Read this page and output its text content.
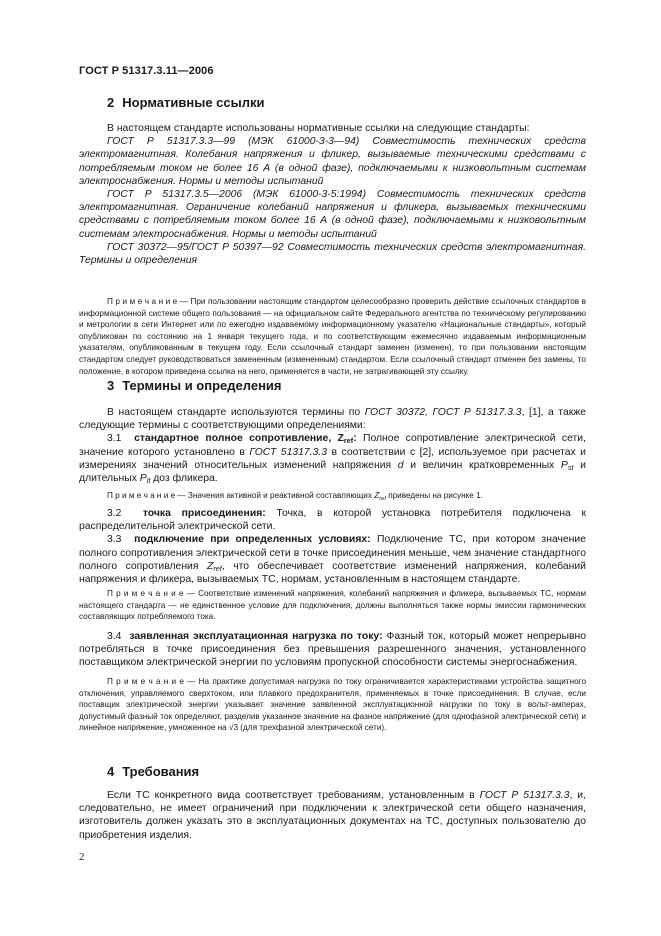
ГОСТ Р 51317.3.11—2006
2 Нормативные ссылки

В настоящем стандарте использованы нормативные ссылки на следующие стандарты:

ГОСТ Р 51317.3.3—99 (МЭК 61000-3-3—94) Совместимость технических средств электромагнитная. Колебания напряжения и фликер, вызываемые техническими средствами с потребляемым током не более 16 А (в одной фазе), подключаемыми к низковольтным системам электроснабжения. Нормы и методы испытаний

ГОСТ Р 51317.3.5—2006 (МЭК 61000-3-5:1994) Совместимость технических средств электромагнитная. Ограничение колебаний напряжения и фликера, вызываемых техническими средствами с потребляемым током более 16 А (в одной фазе), подключаемыми к низковольтным системам электроснабжения. Нормы и методы испытаний

ГОСТ 30372—95/ГОСТ Р 50397—92 Совместимость технических средств электромагнитная. Термины и определения

П р и м е ч а н и е — При пользовании настоящим стандартом целесообразно проверить действие ссылочных стандартов в информационной системе общего пользования — на официальном сайте Федерального агентства по техническому регулированию и метрологии в сети Интернет или по ежегодно издаваемому информационному указателю «Национальные стандарты», который опубликован по состоянию на 1 января текущего года, и по соответствующим ежемесячно издаваемым информационным указателям, опубликованным в текущем году. Если ссылочный стандарт заменен (изменен), то при пользовании настоящим стандартом следует руководствоваться замененным (измененным) стандартом. Если ссылочный стандарт отменен без замены, то положение, в котором приведена ссылка на него, применяется в части, не затрагивающей эту ссылку.

3 Термины и определения

В настоящем стандарте используются термины по ГОСТ 30372, ГОСТ Р 51317.3.3, [1], а также следующие термины с соответствующими определениями:

3.1 стандартное полное сопротивление, $Z_{ref}$: Полное сопротивление электрической сети, значение которого установлено в ГОСТ 51317.3.3 в соответствии с [2], используемое при расчетах и измерениях значений относительных изменений напряжения d и величин кратковременных $P_{st}$ и длительных $P_{lt}$ доз фликера.

П р и м е ч а н и е — Значения активной и реактивной составляющих $Z_{ref}$ приведены на рисунке 1.

3.2 точка присоединения: Точка, в которой установка потребителя подключена к распределительной электрической сети.

3.3 подключение при определенных условиях: Подключение ТС, при котором значение полного сопротивления электрической сети в точке присоединения меньше, чем значение стандартного полного сопротивления $Z_{ref}$, что обеспечивает соответствие изменений напряжения, колебаний напряжения и фликера, вызываемых ТС, нормам, установленным в настоящем стандарте.

П р и м е ч а н и е — Соответствие изменений напряжения, колебаний напряжения и фликера, вызываемых ТС, нормам настоящего стандарта — не единственное условие для подключения, должны выполняться также нормы эмиссии гармонических составляющих потребляемого тока.

3.4 заявленная эксплуатационная нагрузка по току: Фазный ток, который может непрерывно потребляться в точке присоединения без превышения разрешенного значения, установленного поставщиком электрической энергии по условиям пропускной способности системы энергоснабжения.

П р и м е ч а н и е — На практике допустимая нагрузка по току ограничивается характеристиками устройства защитного отключения, управляемого сверхтоком, или плавкого предохранителя, применяемых в точке присоединения. В случае, если поставщик электрической энергии указывает значение заявленной эксплуатационной нагрузки по току в вольт-амперах, допустимый фазный ток определяют, разделив указанное значение на фазное напряжение (для однофазной электрической сети) и линейное напряжение, умноженное на √3 (для трехфазной электрической сети).

4 Требования

Если ТС конкретного вида соответствует требованиям, установленным в ГОСТ Р 51317.3.3, и, следовательно, не имеет ограничений при подключении к электрической сети общего назначения, изготовитель должен указать это в эксплуатационных документах на ТС, доступных пользователю до приобретения изделия.

2
